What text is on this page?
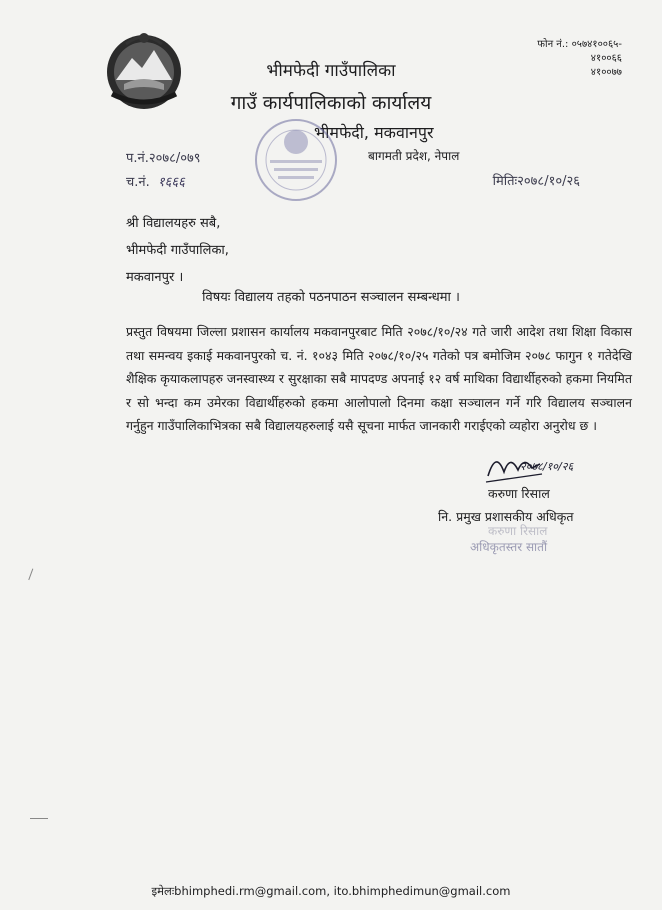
भीमफेदी गाउँपालिका
गाउँ कार्यपालिकाको कार्यालय
भीमफेदी, मकवानपुर
बागमती प्रदेश, नेपाल
फोन नं.: ०५७४१००६५-
४१००६६
४१००७७
प.नं.२०७८/०७९
च.नं. १६६६	मितिः२०७८/१०/२६
श्री विद्यालयहरु सबै,
भीमफेदी गाउँपालिका,
मकवानपुर ।
विषयः विद्यालय तहको पठनपाठन सञ्चालन सम्बन्धमा ।
प्रस्तुत विषयमा जिल्ला प्रशासन कार्यालय मकवानपुरबाट मिति २०७८/१०/२४ गते जारी आदेश तथा शिक्षा विकास तथा समन्वय इकाई मकवानपुरको च. नं. १०४३ मिति २०७८/१०/२५ गतेको पत्र बमोजिम २०७८ फागुन १ गतेदेखि शैक्षिक कृयाकलापहरु जनस्वास्थ्य र सुरक्षाका सबै मापदण्ड अपनाई १२ वर्ष माथिका विद्यार्थीहरुको हकमा नियमित र सो भन्दा कम उमेरका विद्यार्थीहरुको हकमा आलोपालो दिनमा कक्षा सञ्चालन गर्ने गरि विद्यालय सञ्चालन गर्नुहुन गाउँपालिकाभित्रका सबै विद्यालयहरुलाई यसै सूचना मार्फत जानकारी गराईएको व्यहोरा अनुरोध छ ।
२०७८/१०/२६
करुणा रिसाल
नि. प्रमुख प्रशासकीय अधिकृत
करुणा रिसाल
अधिकृतस्तर सातौं
इमेलःbhimphedi.rm@gmail.com, ito.bhimphedimun@gmail.com
